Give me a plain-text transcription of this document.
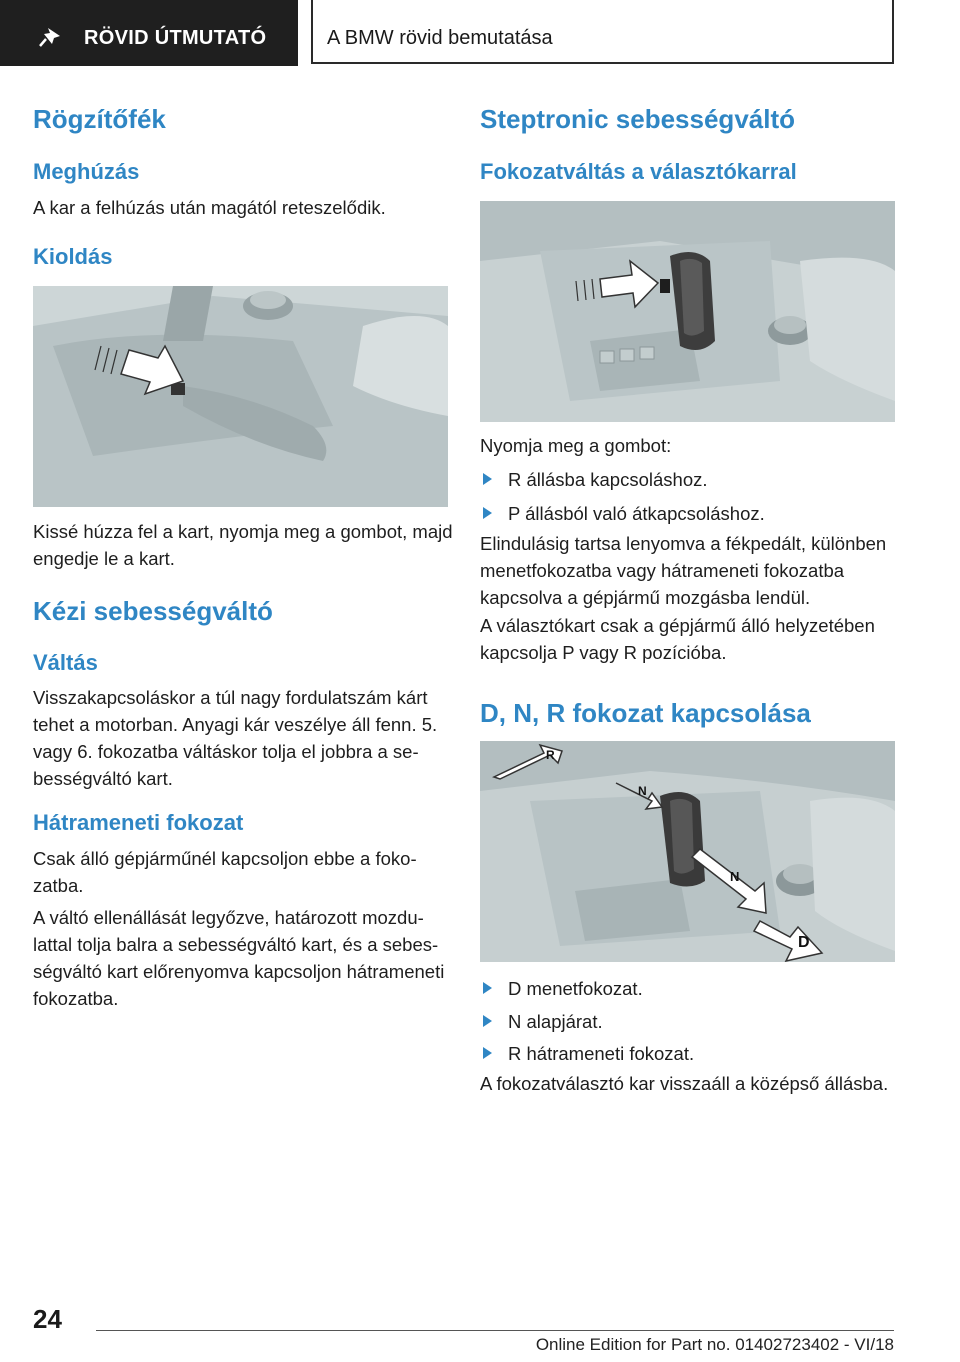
RÖVID ÚTMUTATÓ	A BMW rövid bemutatása
Rögzítőfék
Meghúzás

A kar a felhúzás után magától reteszelődik.

Kioldás

Kissé húzza fel a kart, nyomja meg a gombot, majd engedje le a kart.

Kézi sebességváltó
Váltás

Visszakapcsoláskor a túl nagy fordulatszám kárt tehet a motorban. Anyagi kár veszélye áll fenn. 5. vagy 6. fokozatba váltáskor tolja el jobbra a sebességváltó kart.

Hátrameneti fokozat

Csak álló gépjárműnél kapcsoljon ebbe a fokozatba.

A váltó ellenállását legyőzve, határozott mozdulattal tolja balra a sebességváltó kart, és a sebességváltó kart előrenyomva kapcsoljon hátrameneti fokozatba.

Steptronic sebességváltó
Fokozatváltás a választókarral

Nyomja meg a gombot:

R állásba kapcsoláshoz.
P állásból való átkapcsoláshoz.

Elindulásig tartsa lenyomva a fékpedált, különben menetfokozatba vagy hátrameneti fokozatba kapcsolva a gépjármű mozgásba lendül.

A választókart csak a gépjármű álló helyzetében kapcsolja P vagy R pozícióba.

D, N, R fokozat kapcsolása
R
N
N
D
D menetfokozat.
N alapjárat.
R hátrameneti fokozat.

A fokozatválasztó kar visszaáll a középső állásba.

24
Online Edition for Part no. 01402723402 - VI/18
